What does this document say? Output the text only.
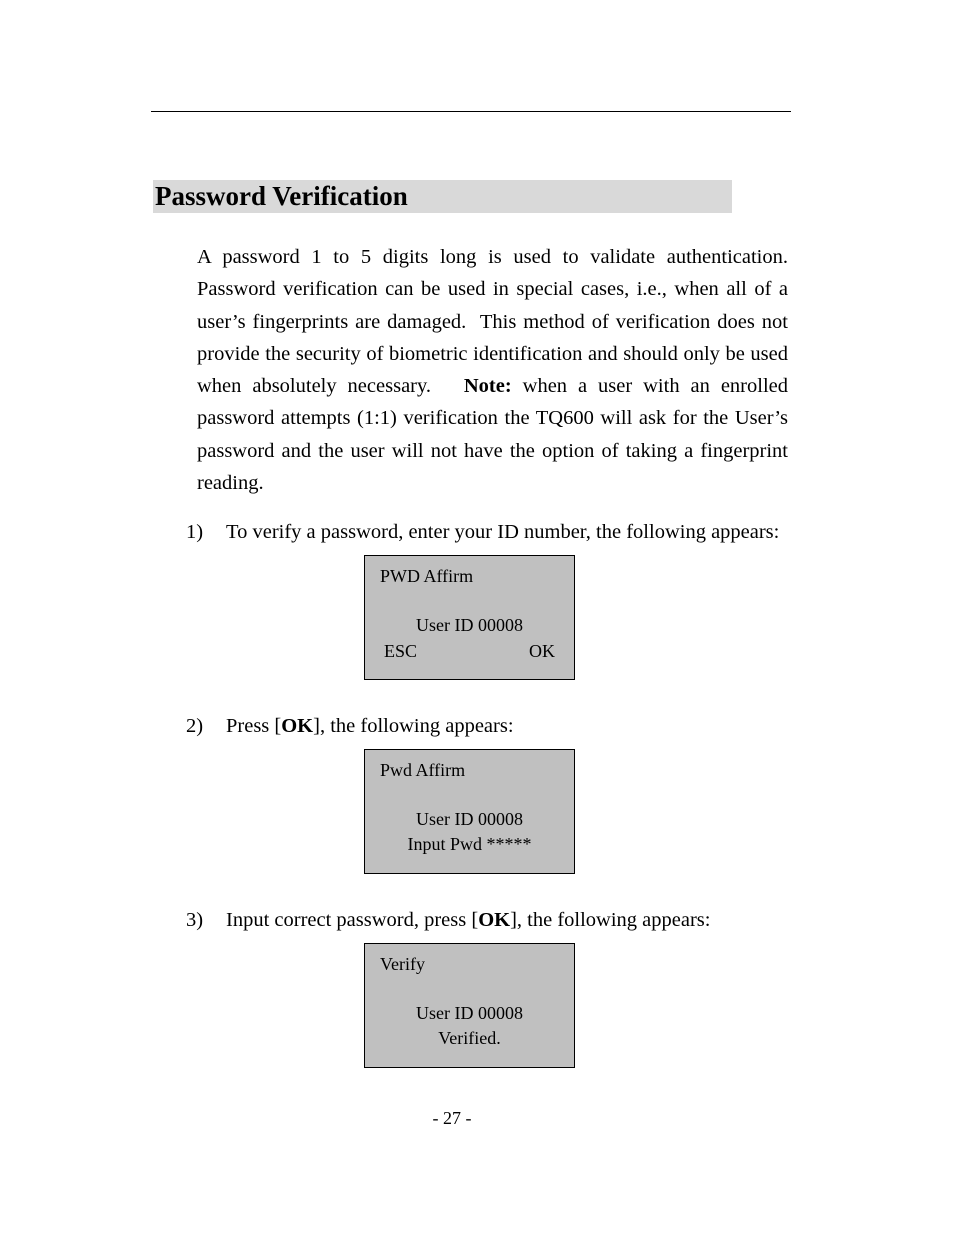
Password Verification
A password 1 to 5 digits long is used to validate authentication. Password verification can be used in special cases, i.e., when all of a user’s fingerprints are damaged.  This method of verification does not provide the security of biometric identification and should only be used when absolutely necessary.   Note: when a user with an enrolled password attempts (1:1) verification the TQ600 will ask for the User’s password and the user will not have the option of taking a fingerprint reading.
1) To verify a password, enter your ID number, the following appears:
PWD Affirm
User ID 00008
ESC	OK
2) Press [OK], the following appears:
Pwd Affirm
User ID 00008
Input Pwd *****
3) Input correct password, press [OK], the following appears:
Verify
User ID 00008
Verified.
- 27 -
